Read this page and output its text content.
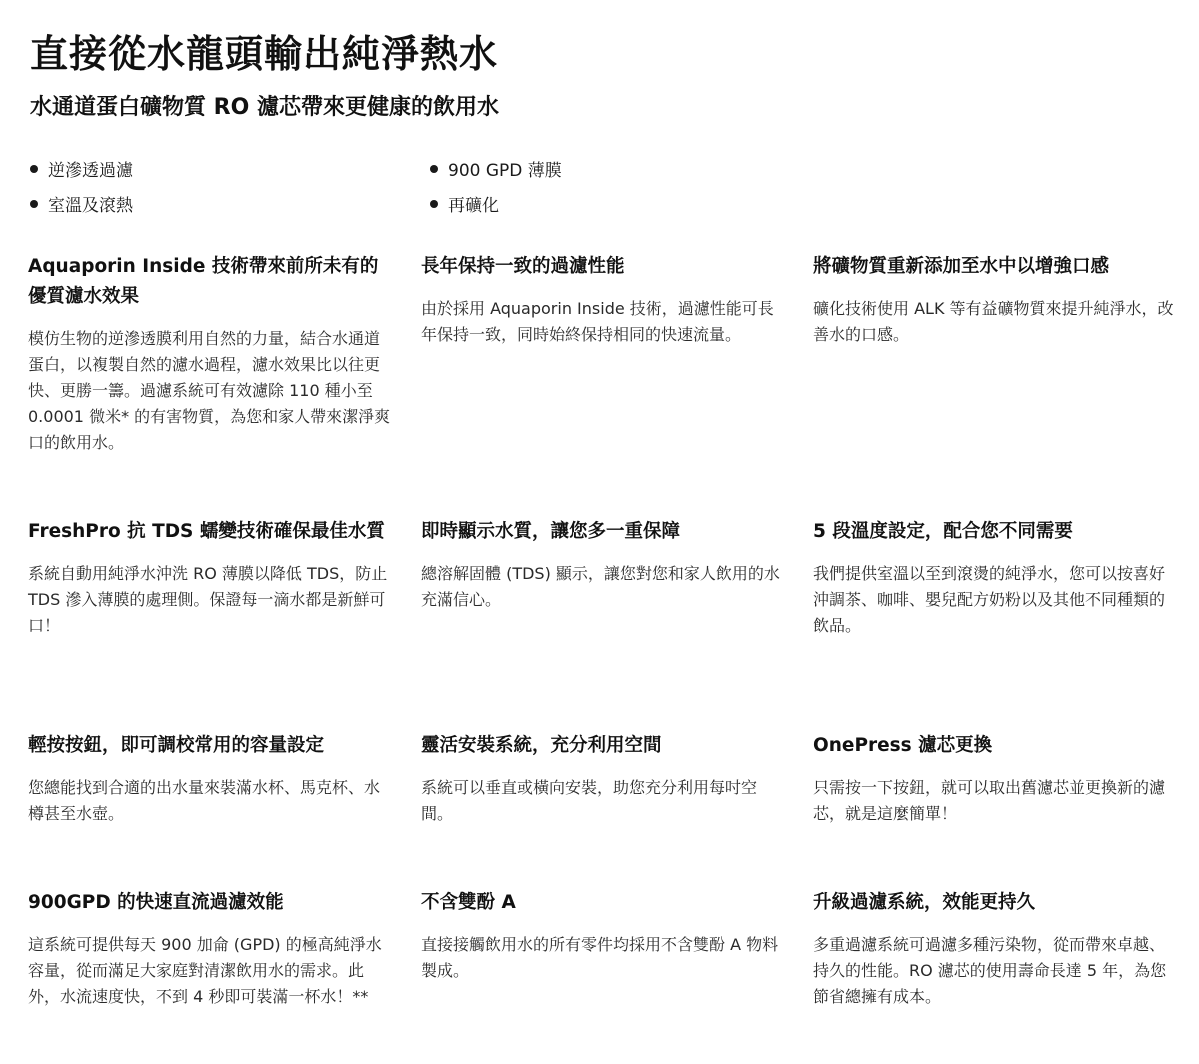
直接從水龍頭輸出純淨熱水
水通道蛋白礦物質 RO 濾芯帶來更健康的飲用水
逆滲透過濾
室溫及滾熱
900 GPD 薄膜
再礦化
Aquaporin Inside 技術帶來前所未有的優質濾水效果

模仿生物的逆滲透膜利用自然的力量，結合水通道蛋白，以複製自然的濾水過程，濾水效果比以往更快、更勝一籌。過濾系統可有效濾除 110 種小至 0.0001 微米* 的有害物質，為您和家人帶來潔淨爽口的飲用水。

長年保持一致的過濾性能

由於採用 Aquaporin Inside 技術，過濾性能可長年保持一致，同時始終保持相同的快速流量。

將礦物質重新添加至水中以增強口感

礦化技術使用 ALK 等有益礦物質來提升純淨水，改善水的口感。

FreshPro 抗 TDS 蠕變技術確保最佳水質

系統自動用純淨水沖洗 RO 薄膜以降低 TDS，防止 TDS 滲入薄膜的處理側。保證每一滴水都是新鮮可口！

即時顯示水質，讓您多一重保障

總溶解固體 (TDS) 顯示，讓您對您和家人飲用的水充滿信心。

5 段溫度設定，配合您不同需要

我們提供室溫以至到滾燙的純淨水，您可以按喜好沖調茶、咖啡、嬰兒配方奶粉以及其他不同種類的飲品。

輕按按鈕，即可調校常用的容量設定

您總能找到合適的出水量來裝滿水杯、馬克杯、水樽甚至水壺。

靈活安裝系統，充分利用空間

系統可以垂直或橫向安裝，助您充分利用每吋空間。

OnePress 濾芯更換

只需按一下按鈕，就可以取出舊濾芯並更換新的濾芯，就是這麼簡單！

900GPD 的快速直流過濾效能

這系統可提供每天 900 加侖 (GPD) 的極高純淨水容量，從而滿足大家庭對清潔飲用水的需求。此外，水流速度快，不到 4 秒即可裝滿一杯水！**

不含雙酚 A

直接接觸飲用水的所有零件均採用不含雙酚 A 物料製成。

升級過濾系統，效能更持久

多重過濾系統可過濾多種污染物，從而帶來卓越、持久的性能。RO 濾芯的使用壽命長達 5 年，為您節省總擁有成本。
